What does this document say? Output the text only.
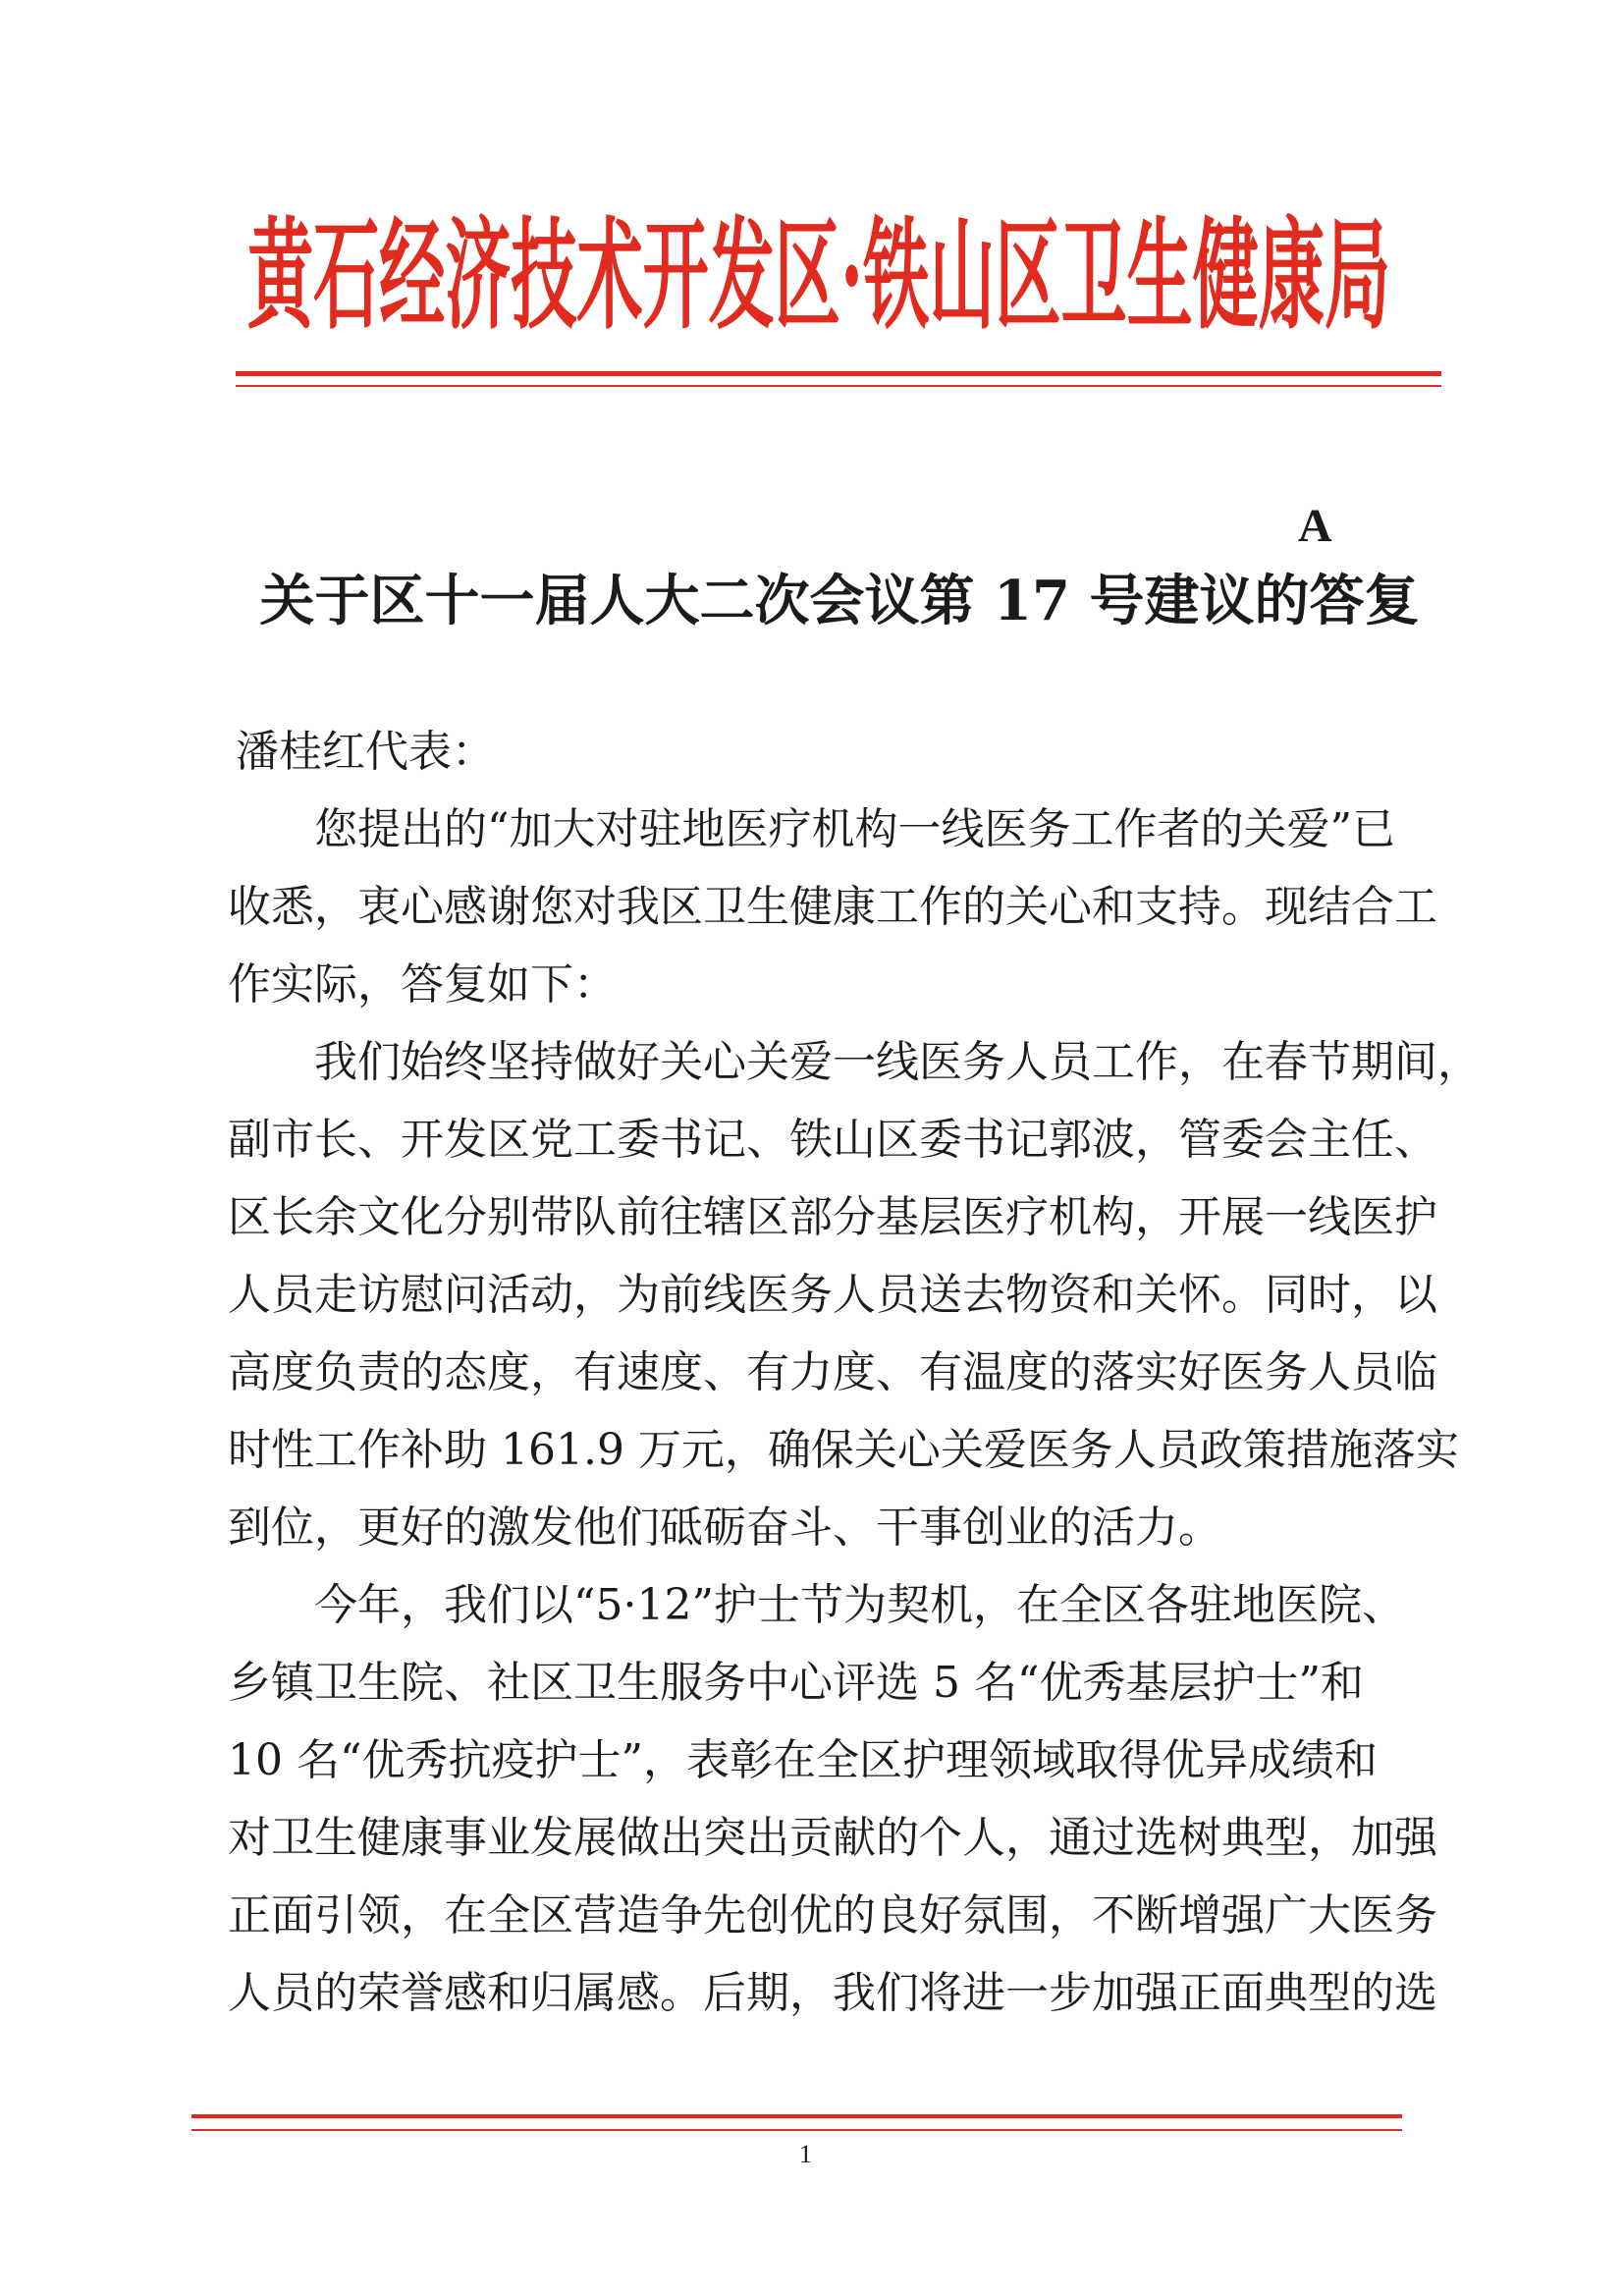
黄石经济技术开发区·铁山区卫生健康局
A
关于区十一届人大二次会议第 17 号建议的答复
潘桂红代表：
您提出的“加大对驻地医疗机构一线医务工作者的关爱”已
收悉，衷心感谢您对我区卫生健康工作的关心和支持。现结合工
作实际，答复如下：
我们始终坚持做好关心关爱一线医务人员工作，在春节期间，
副市长、开发区党工委书记、铁山区委书记郭波，管委会主任、
区长余文化分别带队前往辖区部分基层医疗机构，开展一线医护
人员走访慰问活动，为前线医务人员送去物资和关怀。同时，以
高度负责的态度，有速度、有力度、有温度的落实好医务人员临
时性工作补助 161.9 万元，确保关心关爱医务人员政策措施落实
到位，更好的激发他们砥砺奋斗、干事创业的活力。
今年，我们以“5·12”护士节为契机，在全区各驻地医院、
乡镇卫生院、社区卫生服务中心评选 5 名“优秀基层护士”和
10 名“优秀抗疫护士”，表彰在全区护理领域取得优异成绩和
对卫生健康事业发展做出突出贡献的个人，通过选树典型，加强
正面引领，在全区营造争先创优的良好氛围，不断增强广大医务
人员的荣誉感和归属感。后期，我们将进一步加强正面典型的选
1
